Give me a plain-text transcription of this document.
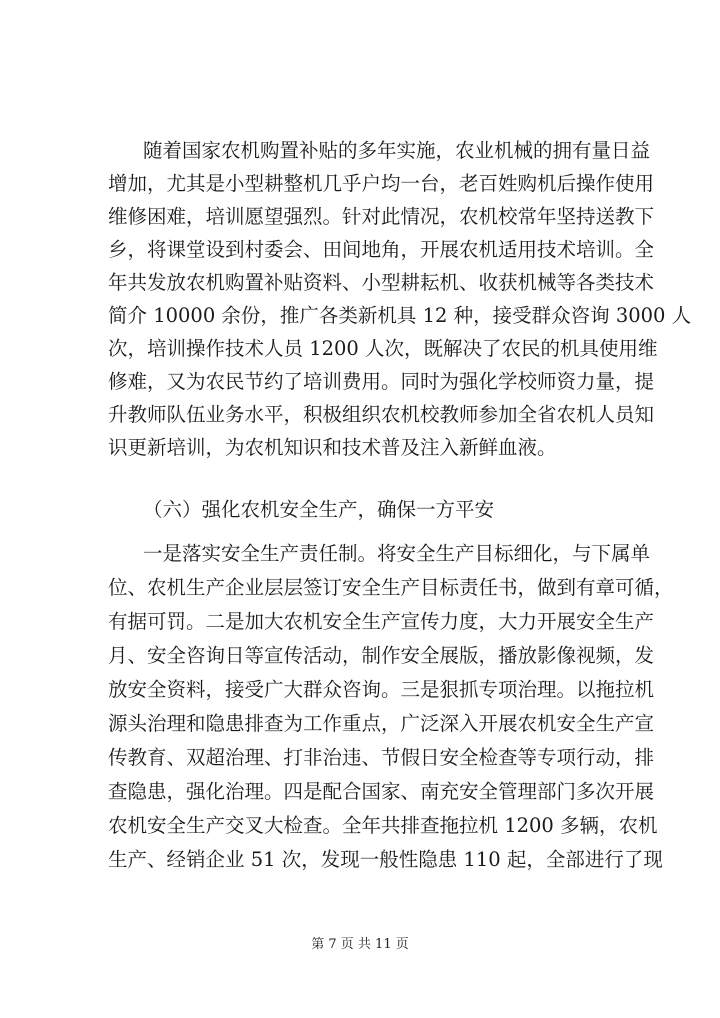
随着国家农机购置补贴的多年实施，农业机械的拥有量日益
增加，尤其是小型耕整机几乎户均一台，老百姓购机后操作使用
维修困难，培训愿望强烈。针对此情况，农机校常年坚持送教下
乡，将课堂设到村委会、田间地角，开展农机适用技术培训。全
年共发放农机购置补贴资料、小型耕耘机、收获机械等各类技术
简介 10000 余份，推广各类新机具 12 种，接受群众咨询 3000 人
次，培训操作技术人员 1200 人次，既解决了农民的机具使用维
修难，又为农民节约了培训费用。同时为强化学校师资力量，提
升教师队伍业务水平，积极组织农机校教师参加全省农机人员知
识更新培训，为农机知识和技术普及注入新鲜血液。
（六）强化农机安全生产，确保一方平安
一是落实安全生产责任制。将安全生产目标细化，与下属单
位、农机生产企业层层签订安全生产目标责任书，做到有章可循，
有据可罚。二是加大农机安全生产宣传力度，大力开展安全生产
月、安全咨询日等宣传活动，制作安全展版，播放影像视频，发
放安全资料，接受广大群众咨询。三是狠抓专项治理。以拖拉机
源头治理和隐患排查为工作重点，广泛深入开展农机安全生产宣
传教育、双超治理、打非治违、节假日安全检查等专项行动，排
查隐患，强化治理。四是配合国家、南充安全管理部门多次开展
农机安全生产交叉大检查。全年共排查拖拉机 1200 多辆，农机
生产、经销企业 51 次，发现一般性隐患 110 起，全部进行了现
第 7 页 共 11 页
